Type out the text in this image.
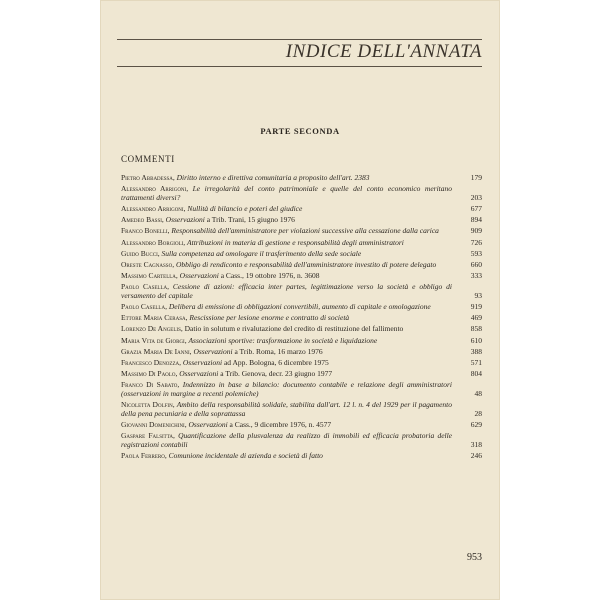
INDICE DELL'ANNATA
PARTE SECONDA
COMMENTI
Pietro Abbadessa, Diritto interno e direttiva comunitaria a proposito dell'art. 2383	179
Alessandro Arrigoni, Le irregolarità del conto patrimoniale e quelle del conto economico meritano trattamenti diversi?	203
Alessandro Arrigoni, Nullità di bilancio e poteri del giudice	677
Amedeo Bassi, Osservazioni a Trib. Trani, 15 giugno 1976	894
Franco Bonelli, Responsabilità dell'amministratore per violazioni successive alla cessazione dalla carica	909
Alessandro Borgioli, Attribuzioni in materia di gestione e responsabilità degli amministratori	726
Guido Bucci, Sulla competenza ad omologare il trasferimento della sede sociale	593
Oreste Cagnasso, Obbligo di rendiconto e responsabilità dell'amministratore investito di potere delegato	660
Massimo Cartella, Osservazioni a Cass., 19 ottobre 1976, n. 3608	333
Paolo Casella, Cessione di azioni: efficacia inter partes, legittimazione verso la società e obbligo di versamento del capitale	93
Paolo Casella, Delibera di emissione di obbligazioni convertibili, aumento di capitale e omologazione	919
Ettore Maria Cerasa, Rescissione per lesione enorme e contratto di società	469
Lorenzo De Angelis, Datio in solutum e rivalutazione del credito di restituzione del fallimento	858
Maria Vita de Giorgi, Associazioni sportive: trasformazione in società e liquidazione	610
Grazia Maria De Ianni, Osservazioni a Trib. Roma, 16 marzo 1976	388
Francesco Denozza, Osservazioni ad App. Bologna, 6 dicembre 1975	571
Massimo Di Paolo, Osservazioni a Trib. Genova, decr. 23 giugno 1977	804
Franco Di Sabato, Indennizzo in base a bilancio: documento contabile e relazione degli amministratori (osservazioni in margine a recenti polemiche)	48
Nicoletta Dolfin, Ambito della responsabilità solidale, stabilita dall'art. 12 l. n. 4 del 1929 per il pagamento della pena pecuniaria e della soprattassa	28
Giovanni Domenichini, Osservazioni a Cass., 9 dicembre 1976, n. 4577	629
Gaspare Falsitta, Quantificazione della plusvalenza da realizzo di immobili ed efficacia probatoria delle registrazioni contabili	318
Paola Ferrero, Comunione incidentale di azienda e società di fatto	246
953
